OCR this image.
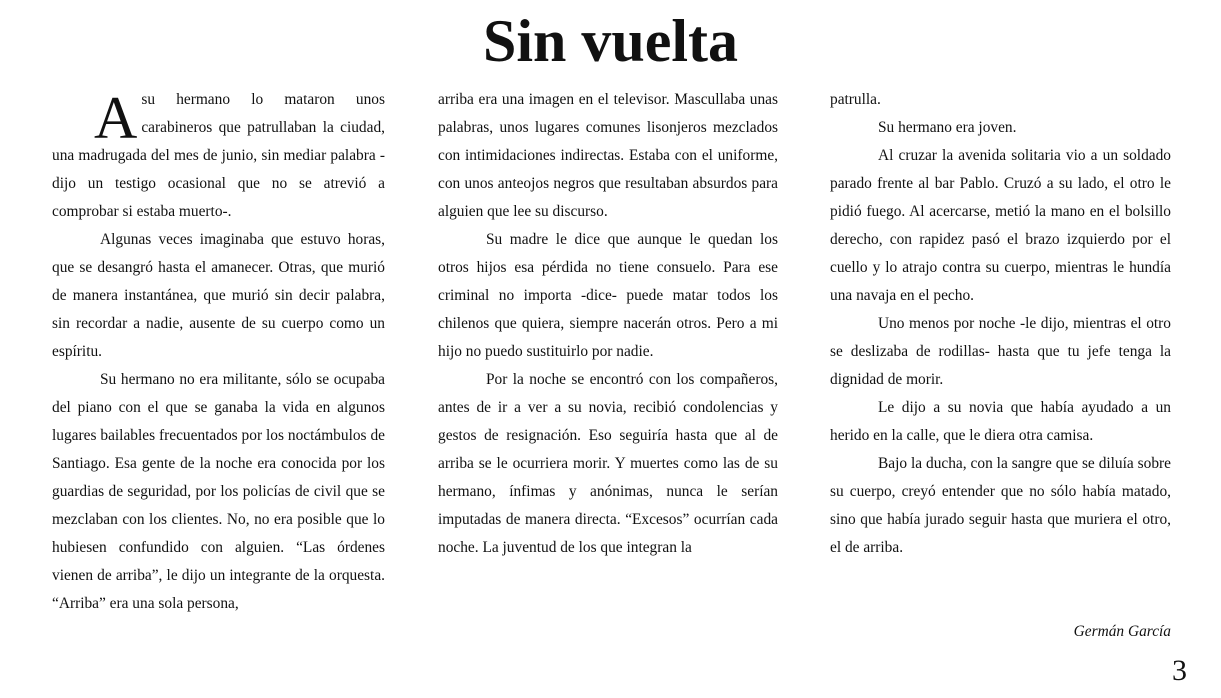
Sin vuelta

Asu hermano lo mataron unos carabineros que patrullaban la ciudad, una madrugada del mes de junio, sin mediar palabra -dijo un testigo ocasional que no se atrevió a comprobar si estaba muerto-.

Algunas veces imaginaba que estuvo horas, que se desangró hasta el amanecer. Otras, que murió de manera instantánea, que murió sin decir palabra, sin recordar a nadie, ausente de su cuerpo como un espíritu.

Su hermano no era militante, sólo se ocupaba del piano con el que se ganaba la vida en algunos lugares bailables frecuentados por los noctámbulos de Santiago. Esa gente de la noche era conocida por los guardias de seguridad, por los policías de civil que se mezclaban con los clientes. No, no era posible que lo hubiesen confundido con alguien. “Las órdenes vienen de arriba”, le dijo un integrante de la orquesta. “Arriba” era una sola persona,

arriba era una imagen en el televisor. Mascullaba unas palabras, unos lugares comunes lisonjeros mezclados con intimidaciones indirectas. Estaba con el uniforme, con unos anteojos negros que resultaban absurdos para alguien que lee su discurso.

Su madre le dice que aunque le quedan los otros hijos esa pérdida no tiene consuelo. Para ese criminal no importa -dice- puede matar todos los chilenos que quiera, siempre nacerán otros. Pero a mi hijo no puedo sustituirlo por nadie.

Por la noche se encontró con los compañeros, antes de ir a ver a su novia, recibió condolencias y gestos de resignación. Eso seguiría hasta que al de arriba se le ocurriera morir. Y muertes como las de su hermano, ínfimas y anónimas, nunca le serían imputadas de manera directa. “Excesos” ocurrían cada noche. La juventud de los que integran la

patrulla.

Su hermano era joven.

Al cruzar la avenida solitaria vio a un soldado parado frente al bar Pablo. Cruzó a su lado, el otro le pidió fuego. Al acercarse, metió la mano en el bolsillo derecho, con rapidez pasó el brazo izquierdo por el cuello y lo atrajo contra su cuerpo, mientras le hundía una navaja en el pecho.

Uno menos por noche -le dijo, mientras el otro se deslizaba de rodillas- hasta que tu jefe tenga la dignidad de morir.

Le dijo a su novia que había ayudado a un herido en la calle, que le diera otra camisa.

Bajo la ducha, con la sangre que se diluía sobre su cuerpo, creyó entender que no sólo había matado, sino que había jurado seguir hasta que muriera el otro, el de arriba.

Germán García
3
